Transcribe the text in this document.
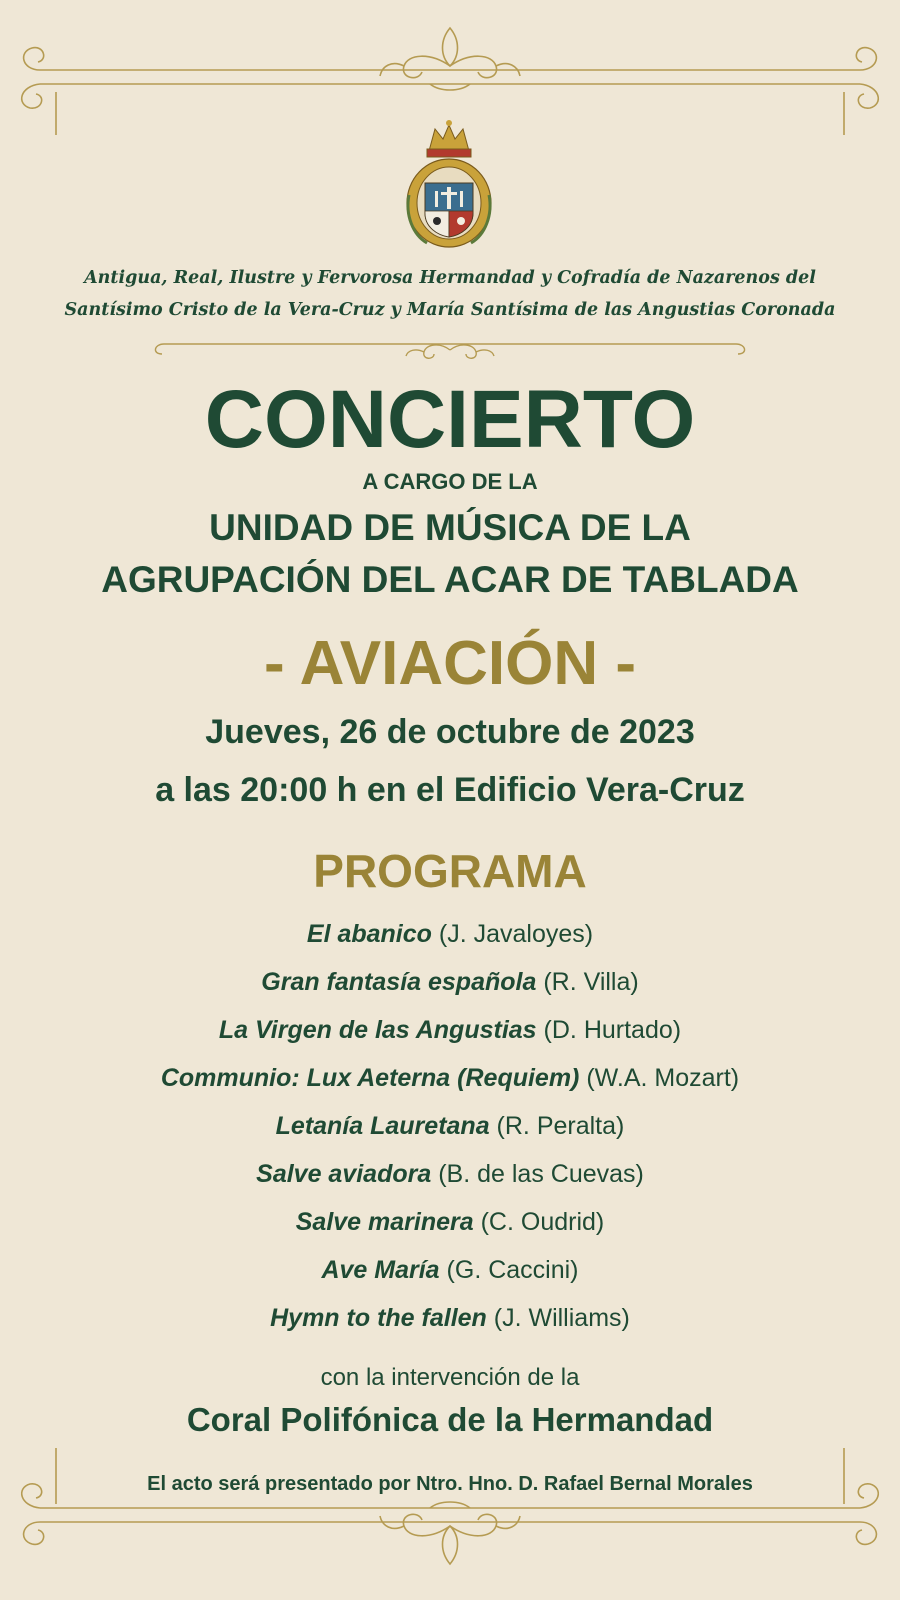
Antigua, Real, Ilustre y Fervorosa Hermandad y Cofradía de Nazarenos del
Santísimo Cristo de la Vera-Cruz y María Santísima de las Angustias Coronada
CONCIERTO
A CARGO DE LA
UNIDAD DE MÚSICA DE LA
AGRUPACIÓN DEL ACAR DE TABLADA
- AVIACIÓN -
Jueves, 26 de octubre de 2023
a las 20:00 h en el Edificio Vera-Cruz
PROGRAMA
El abanico (J. Javaloyes)
Gran fantasía española (R. Villa)
La Virgen de las Angustias (D. Hurtado)
Communio: Lux Aeterna (Requiem) (W.A. Mozart)
Letanía Lauretana (R. Peralta)
Salve aviadora (B. de las Cuevas)
Salve marinera (C. Oudrid)
Ave María (G. Caccini)
Hymn to the fallen (J. Williams)
con la intervención de la
Coral Polifónica de la Hermandad
El acto será presentado por Ntro. Hno. D. Rafael Bernal Morales
